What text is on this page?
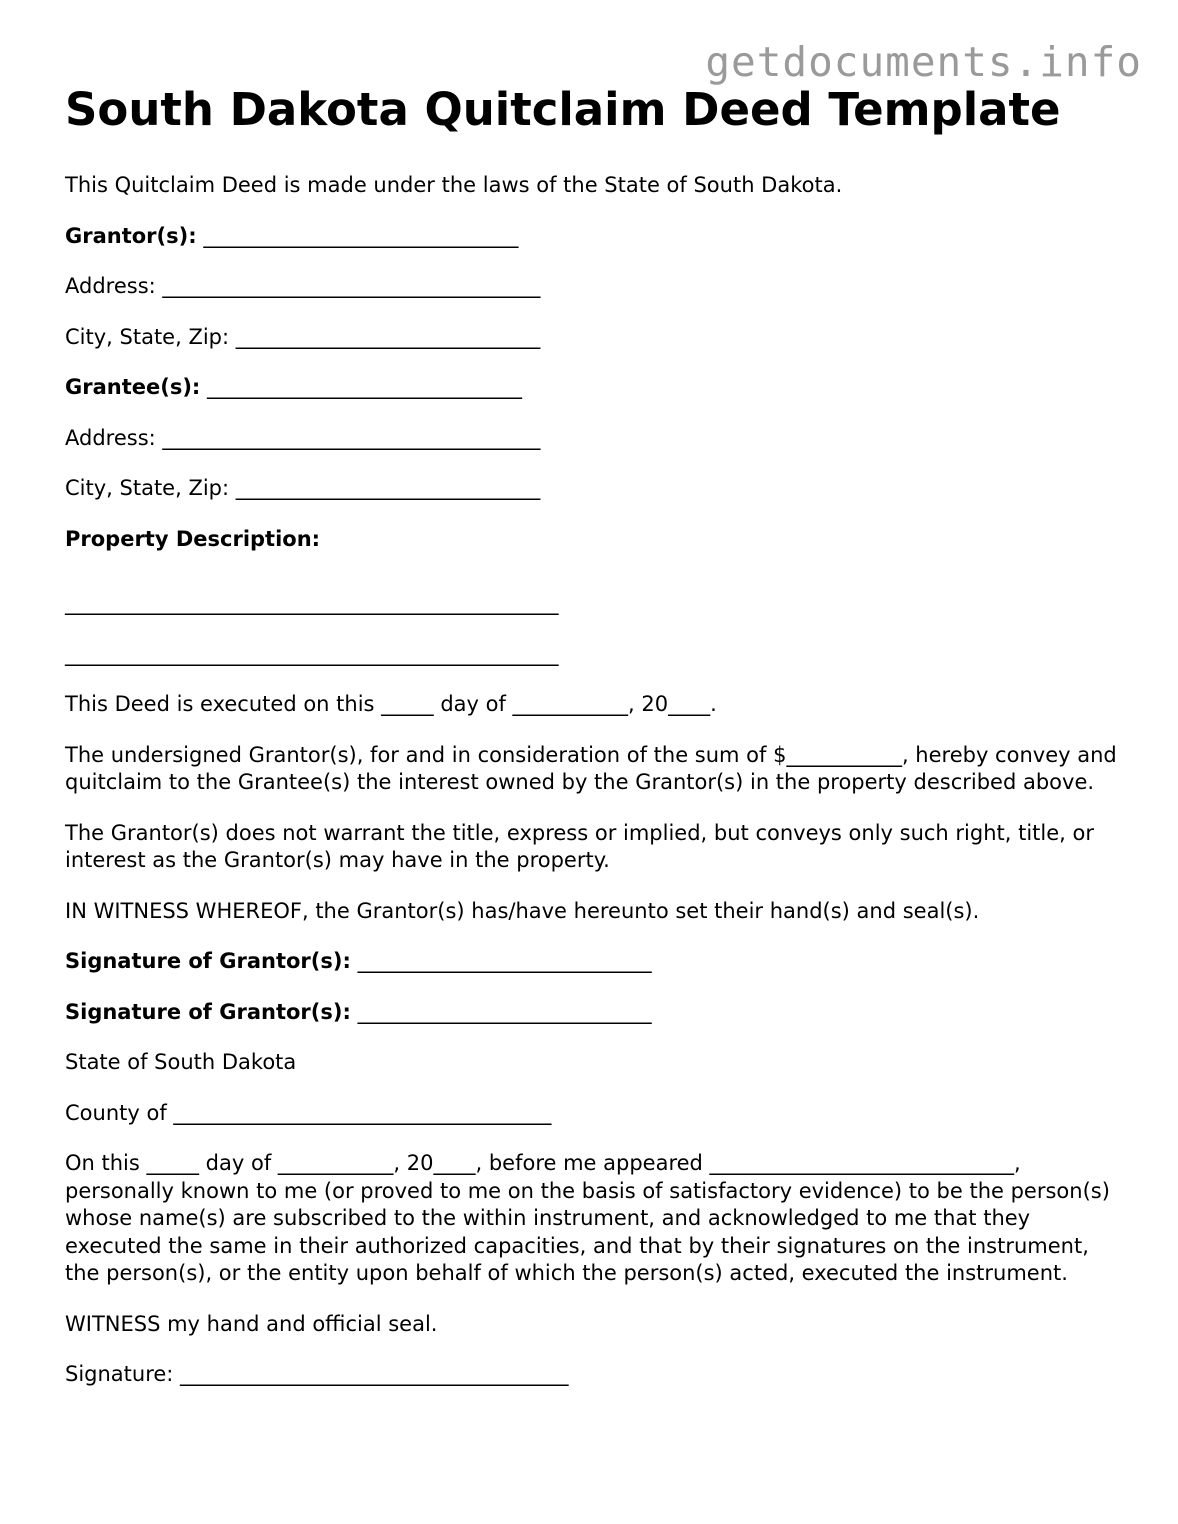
getdocuments.info
South Dakota Quitclaim Deed Template

This Quitclaim Deed is made under the laws of the State of South Dakota.

Grantor(s): ______________________________

Address: ____________________________________

City, State, Zip: _____________________________

Grantee(s): ______________________________

Address: ____________________________________

City, State, Zip: _____________________________

Property Description:

_______________________________________________

_______________________________________________

This Deed is executed on this _____ day of ___________, 20____.

The undersigned Grantor(s), for and in consideration of the sum of $___________, hereby convey and quitclaim to the Grantee(s) the interest owned by the Grantor(s) in the property described above.

The Grantor(s) does not warrant the title, express or implied, but conveys only such right, title, or interest as the Grantor(s) may have in the property.

IN WITNESS WHEREOF, the Grantor(s) has/have hereunto set their hand(s) and seal(s).

Signature of Grantor(s): ____________________________

Signature of Grantor(s): ____________________________

State of South Dakota

County of ____________________________________

On this _____ day of ___________, 20____, before me appeared _____________________________, personally known to me (or proved to me on the basis of satisfactory evidence) to be the person(s) whose name(s) are subscribed to the within instrument, and acknowledged to me that they executed the same in their authorized capacities, and that by their signatures on the instrument, the person(s), or the entity upon behalf of which the person(s) acted, executed the instrument.

WITNESS my hand and official seal.

Signature: _____________________________________
